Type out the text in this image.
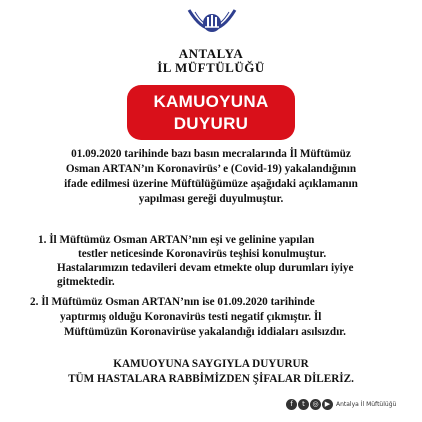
ANTALYA
İL MÜFTÜLÜĞÜ
KAMUOYUNA
DUYURU
01.09.2020 tarihinde bazı basın mecralarında İl Müftümüz
Osman ARTAN’ın Koronavirüs’ e (Covid-19) yakalandığının
ifade edilmesi üzerine Müftülüğümüze aşağıdaki açıklamanın
yapılması gereği duyulmuştur.
1. İl Müftümüz Osman ARTAN’nın eşi ve gelinine yapılan
testler neticesinde Koronavirüs teşhisi konulmuştur.
Hastalarımızın tedavileri devam etmekte olup durumları iyiye
gitmektedir.
2. İl Müftümüz Osman ARTAN’nın ise 01.09.2020 tarihinde
yaptırmış olduğu Koronavirüs testi negatif çıkmıştır. İl
Müftümüzün Koronavirüse yakalandığı iddiaları asılsızdır.
KAMUOYUNA SAYGIYLA DUYURUR
TÜM HASTALARA RABBİMİZDEN ŞİFALAR DİLERİZ.
f	t	◎ ▶ Antalya İl Müftülüğü
